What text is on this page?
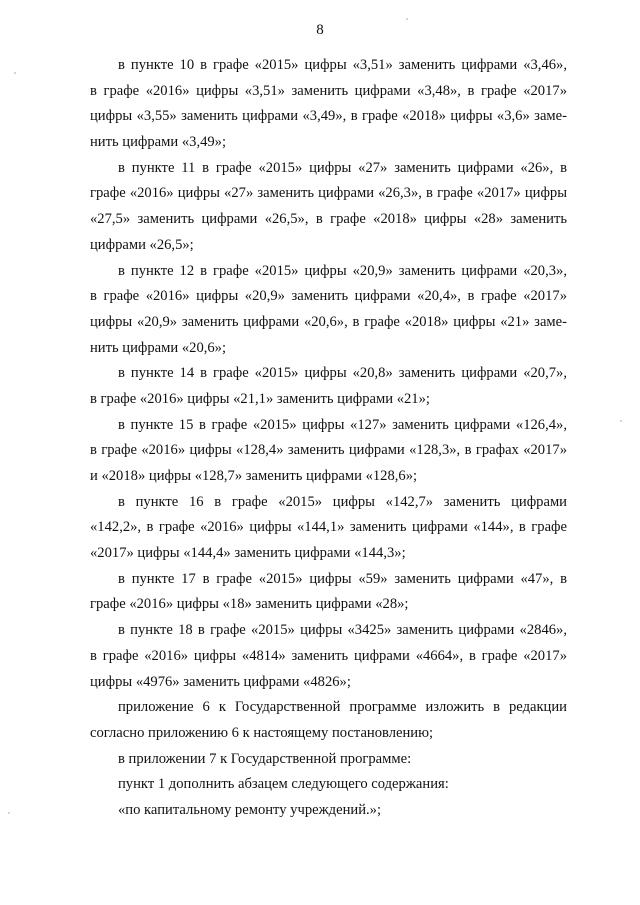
8

в пункте 10 в графе «2015» цифры «3,51» заменить цифрами «3,46»,
в графе «2016» цифры «3,51» заменить цифрами «3,48», в графе «2017»
цифры «3,55» заменить цифрами «3,49», в графе «2018» цифры «3,6» заме-
нить цифрами «3,49»;

в пункте 11 в графе «2015» цифры «27» заменить цифрами «26», в
графе «2016» цифры «27» заменить цифрами «26,3», в графе «2017» цифры
«27,5» заменить цифрами «26,5», в графе «2018» цифры «28» заменить
цифрами «26,5»;

в пункте 12 в графе «2015» цифры «20,9» заменить цифрами «20,3»,
в графе «2016» цифры «20,9» заменить цифрами «20,4», в графе «2017»
цифры «20,9» заменить цифрами «20,6», в графе «2018» цифры «21» заме-
нить цифрами «20,6»;

в пункте 14 в графе «2015» цифры «20,8» заменить цифрами «20,7»,
в графе «2016» цифры «21,1» заменить цифрами «21»;

в пункте 15 в графе «2015» цифры «127» заменить цифрами «126,4»,
в графе «2016» цифры «128,4» заменить цифрами «128,3», в графах «2017»
и «2018» цифры «128,7» заменить цифрами «128,6»;

в пункте 16 в графе «2015» цифры «142,7» заменить цифрами
«142,2», в графе «2016» цифры «144,1» заменить цифрами «144», в графе
«2017» цифры «144,4» заменить цифрами «144,3»;

в пункте 17 в графе «2015» цифры «59» заменить цифрами «47», в
графе «2016» цифры «18» заменить цифрами «28»;

в пункте 18 в графе «2015» цифры «3425» заменить цифрами «2846»,
в графе «2016» цифры «4814» заменить цифрами «4664», в графе «2017»
цифры «4976» заменить цифрами «4826»;

приложение 6 к Государственной программе изложить в редакции
согласно приложению 6 к настоящему постановлению;

в приложении 7 к Государственной программе:

пункт 1 дополнить абзацем следующего содержания:

«по капитальному ремонту учреждений.»;
